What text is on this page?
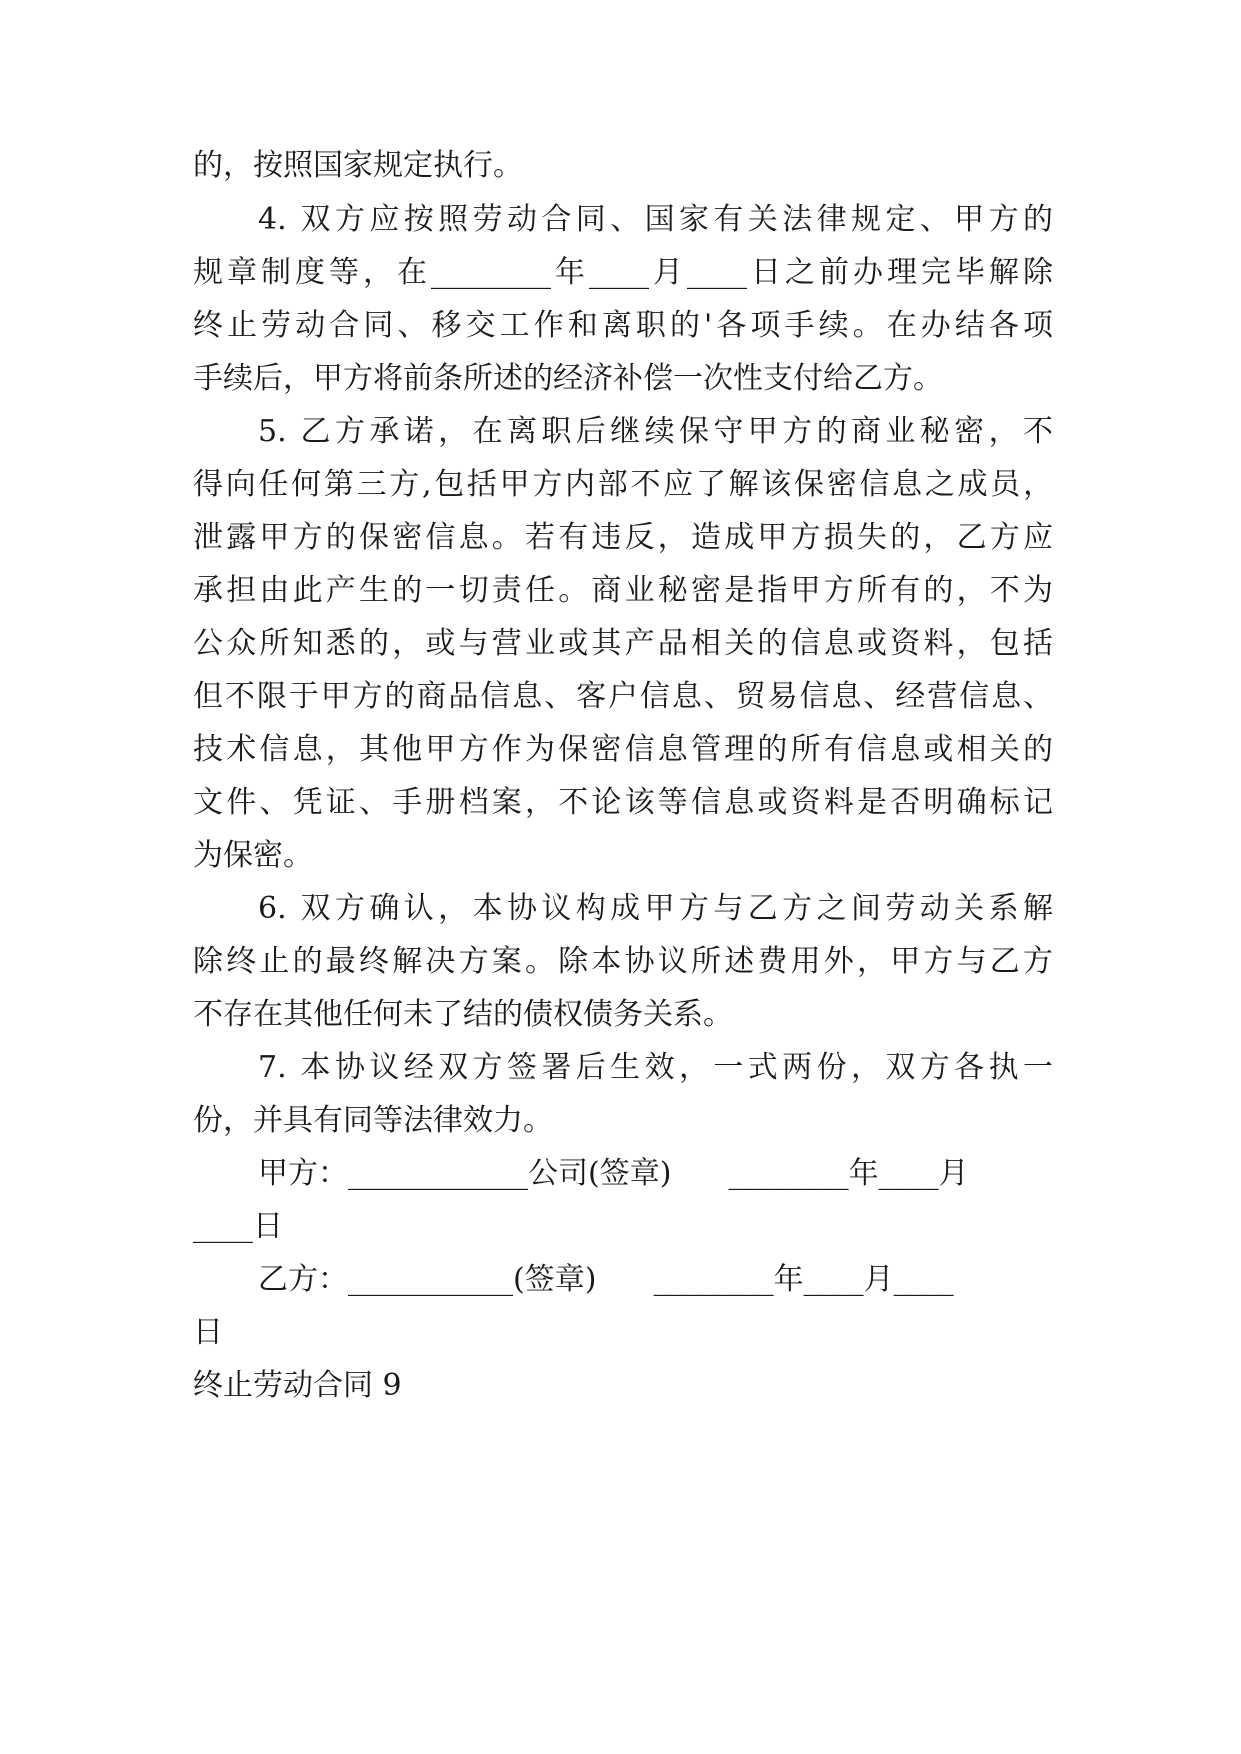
的，按照国家规定执行。
4. 双方应按照劳动合同、国家有关法律规定、甲方的
规章制度等，在________年____月____日之前办理完毕解除
终止劳动合同、移交工作和离职的'各项手续。在办结各项
手续后，甲方将前条所述的经济补偿一次性支付给乙方。
5. 乙方承诺，在离职后继续保守甲方的商业秘密，不
得向任何第三方,包括甲方内部不应了解该保密信息之成员，
泄露甲方的保密信息。若有违反，造成甲方损失的，乙方应
承担由此产生的一切责任。商业秘密是指甲方所有的，不为
公众所知悉的，或与营业或其产品相关的信息或资料，包括
但不限于甲方的商品信息、客户信息、贸易信息、经营信息、
技术信息，其他甲方作为保密信息管理的所有信息或相关的
文件、凭证、手册档案，不论该等信息或资料是否明确标记
为保密。
6. 双方确认，本协议构成甲方与乙方之间劳动关系解
除终止的最终解决方案。除本协议所述费用外，甲方与乙方
不存在其他任何未了结的债权债务关系。
7. 本协议经双方签署后生效，一式两份，双方各执一
份，并具有同等法律效力。
甲方：____________公司(签章)      ________年____月
____日
乙方：___________(签章)      ________年____月____
日
终止劳动合同 9
